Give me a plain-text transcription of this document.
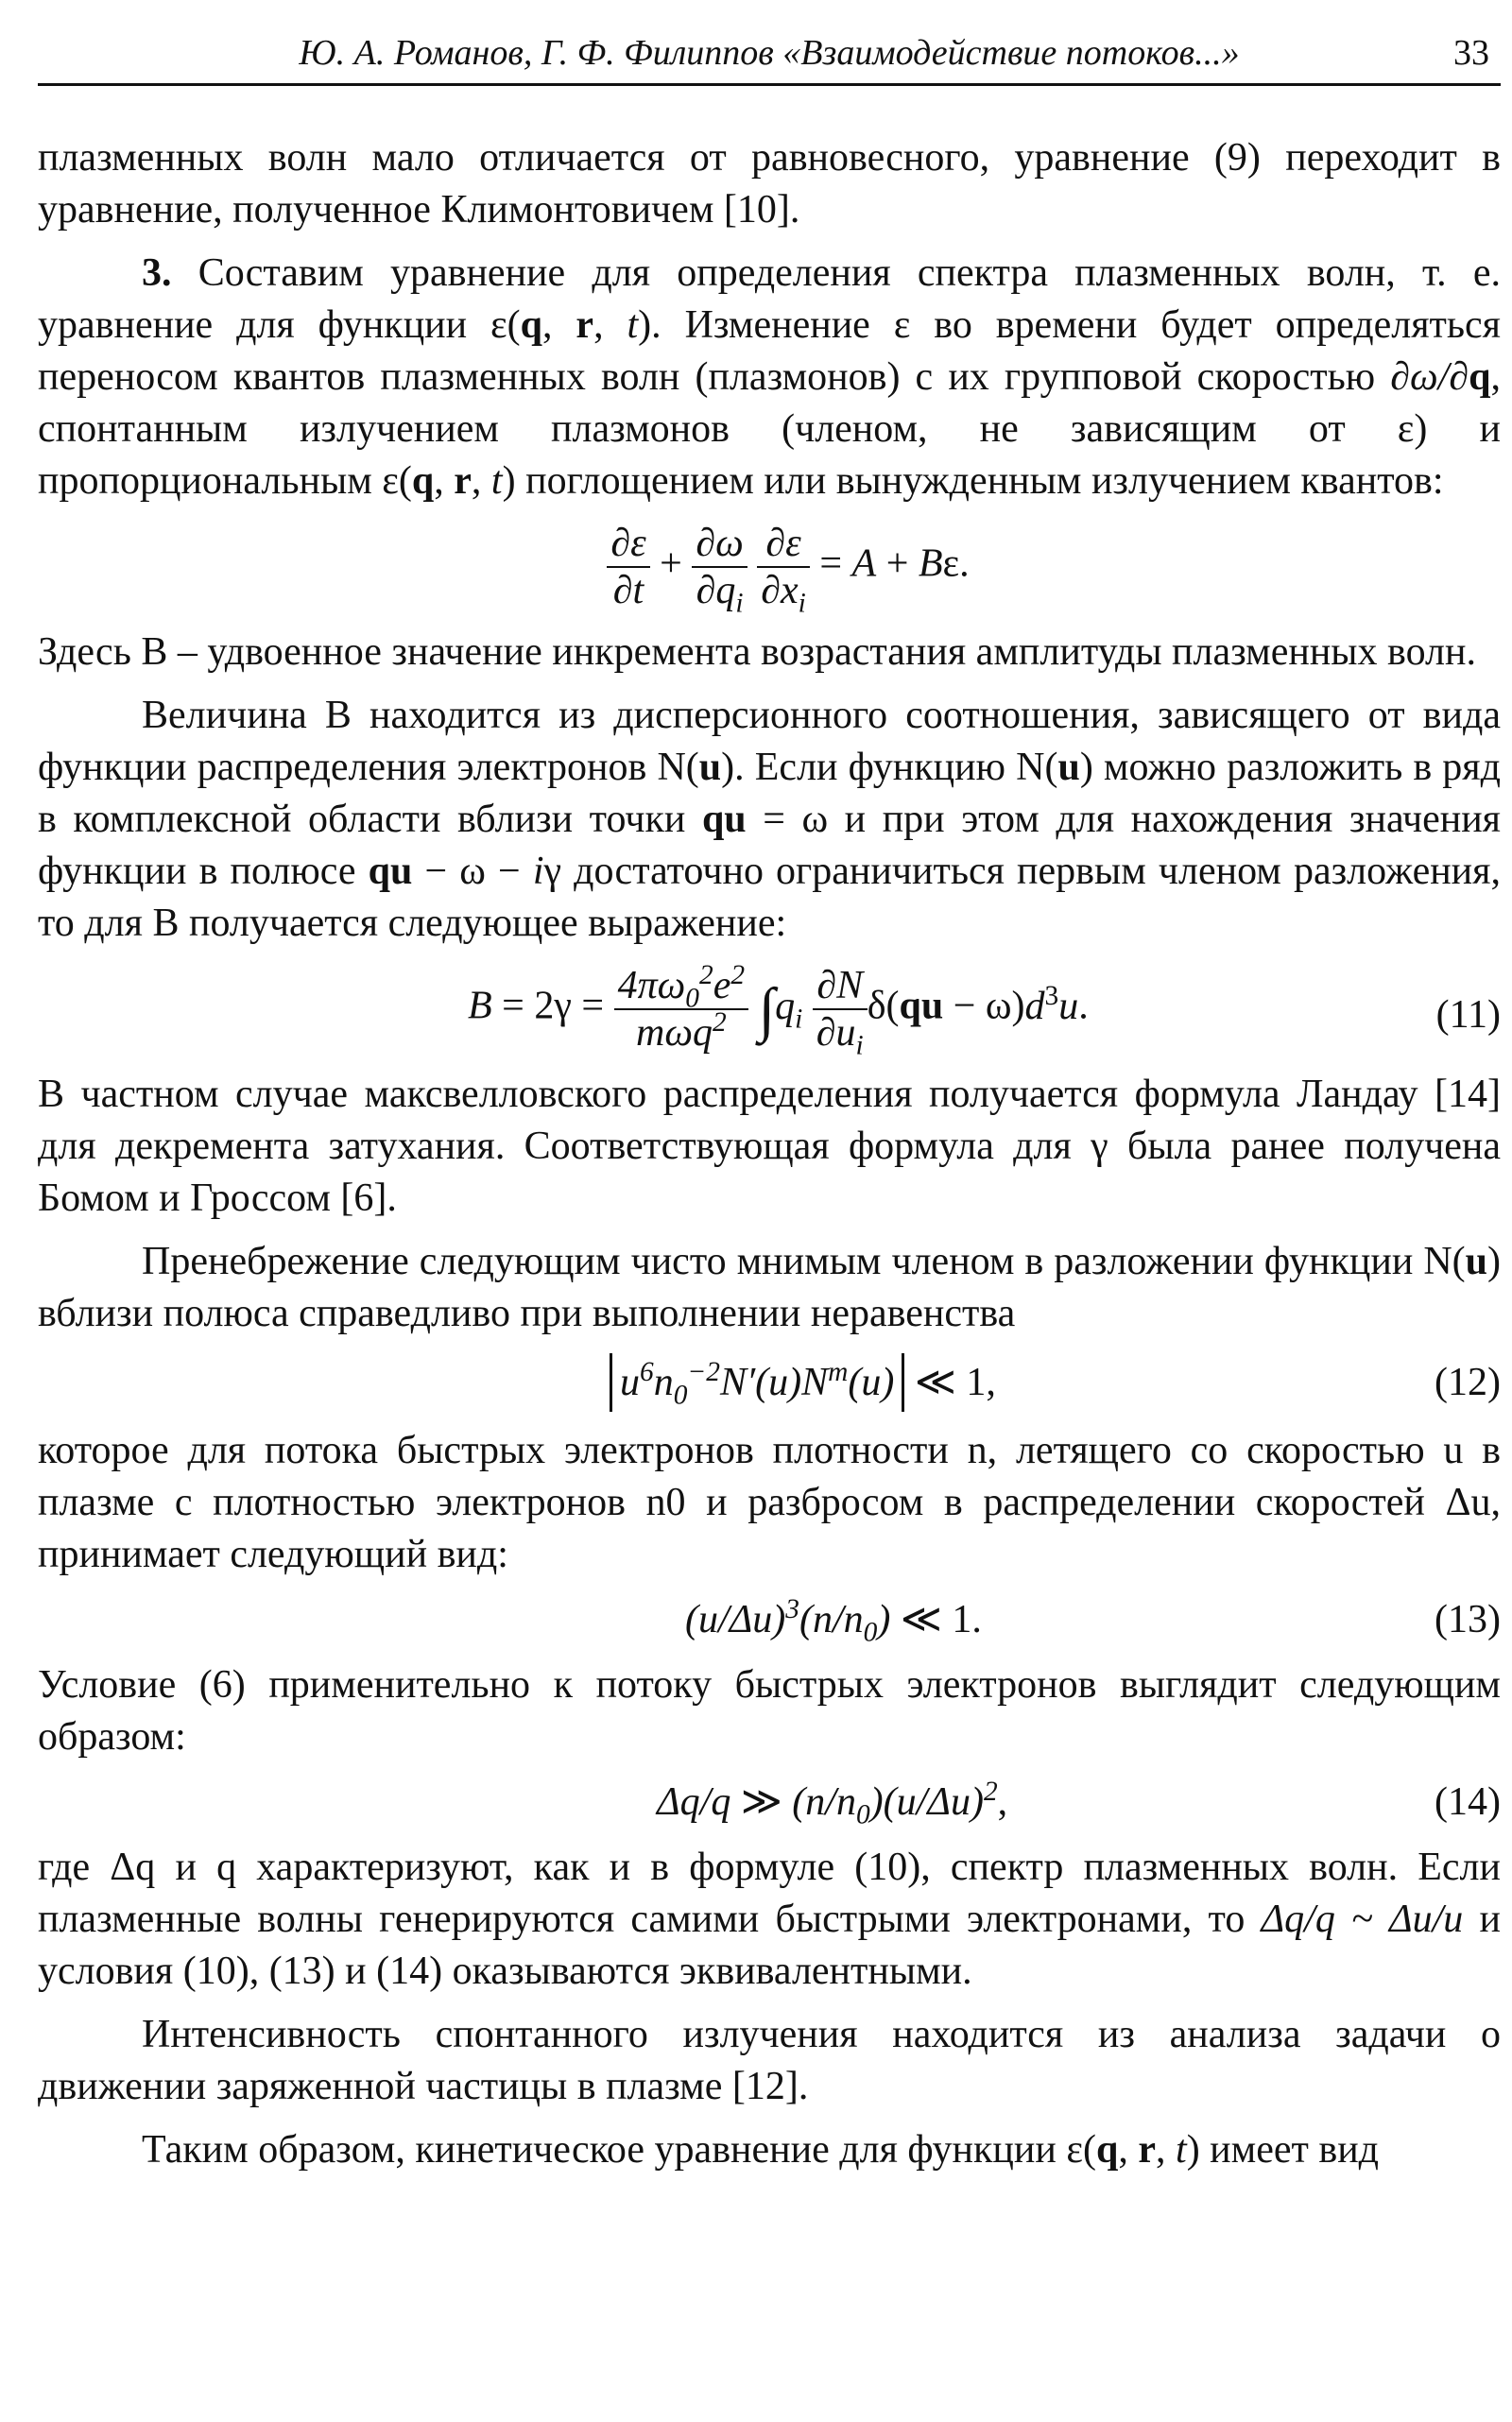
Ю. А. Романов, Г. Ф. Филиппов «Взаимодействие потоков...»	33

плазменных волн мало отличается от равновесного, уравнение (9) переходит в уравнение, полученное Климонтовичем [10].

3. Составим уравнение для определения спектра плазменных волн, т. е. уравнение для функции ε(q, r, t). Изменение ε во времени будет определяться переносом квантов плазменных волн (плазмонов) с их групповой скоростью ∂ω/∂q, спонтанным излучением плазмонов (членом, не зависящим от ε) и пропорциональным ε(q, r, t) поглощением или вынужденным излучением квантов:

$\frac{\partial\varepsilon}{\partial t} + \frac{\partial\omega}{\partial q_i}$
$\frac{\partial\varepsilon}{\partial x_i} = A + B\varepsilon$.

Здесь B – удвоенное значение инкремента возрастания амплитуды плазменных волн.

Величина B находится из дисперсионного соотношения, зависящего от вида функции распределения электронов N(u). Если функцию N(u) можно разложить в ряд в комплексной области вблизи точки qu = ω и при этом для нахождения значения функции в полюсе qu − ω − iγ достаточно ограничиться первым членом разложения, то для B получается следующее выражение:

$B = 2\gamma = \frac{4\pi\omega_0^2e^2}{m\omega q^2} \int q_i \frac{\partial N}{\partial u_i} \delta(qu - \omega)d^3u$.	(11)

В частном случае максвелловского распределения получается формула Ландау [14] для декремента затухания. Соответствующая формула для γ была ранее получена Бомом и Гроссом [6].

Пренебрежение следующим чисто мнимым членом в разложении функции N(u) вблизи полюса справедливо при выполнении неравенства

$u^6n_0^{-2}N'(u)N^m(u)$ ≪ 1,	(12)

которое для потока быстрых электронов плотности n, летящего со скоростью u в плазме с плотностью электронов n0 и разбросом в распределении скоростей Δu, принимает следующий вид:

$(u/\Delta u)^3(n/n_0)$ ≪ 1.	(13)

Условие (6) применительно к потоку быстрых электронов выглядит следующим образом:

Δq/q ≫ $(n/n_0)(u/\Delta u)^2$,	(14)

где Δq и q характеризуют, как и в формуле (10), спектр плазменных волн. Если плазменные волны генерируются самими быстрыми электронами, то Δq/q ~ Δu/u и условия (10), (13) и (14) оказываются эквивалентными.

Интенсивность спонтанного излучения находится из анализа задачи о движении заряженной частицы в плазме [12].

Таким образом, кинетическое уравнение для функции ε(q, r, t) имеет вид
